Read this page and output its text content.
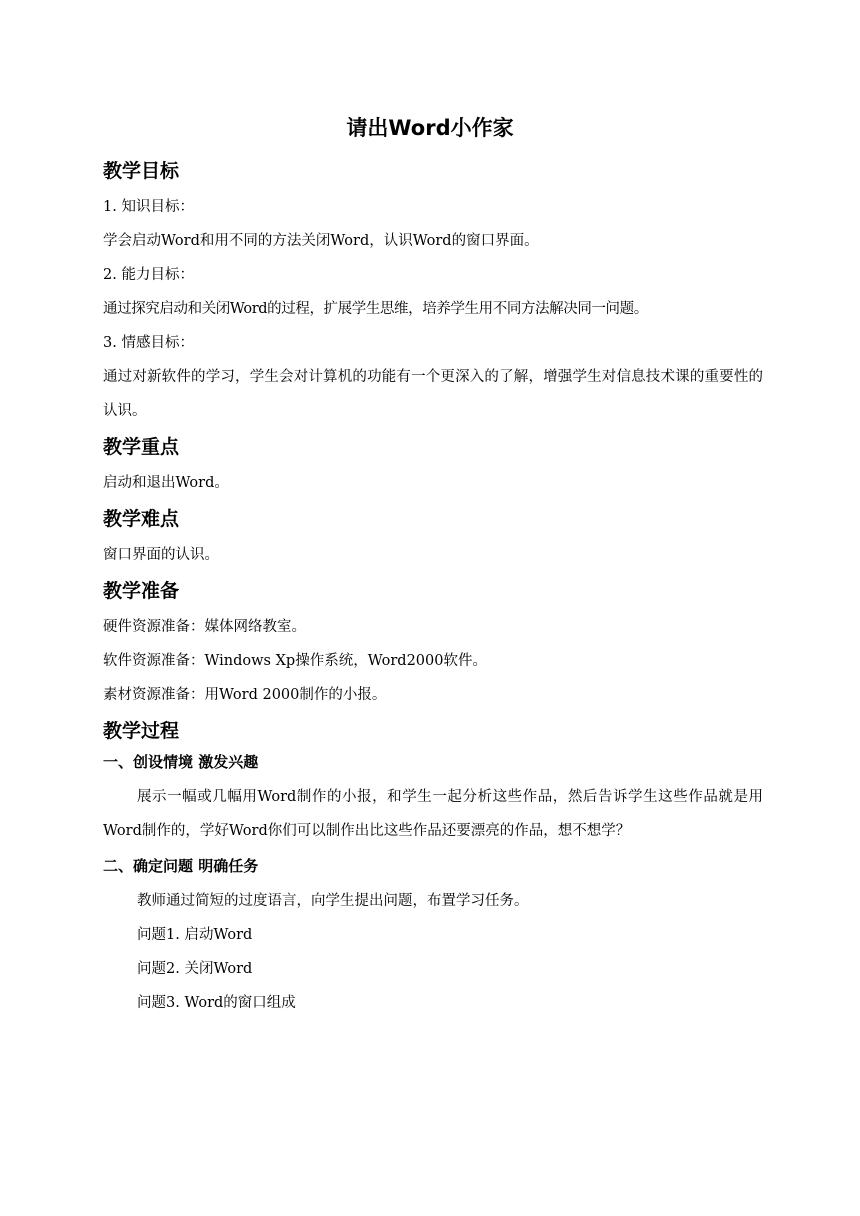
请出Word小作家
教学目标

1. 知识目标：

学会启动Word和用不同的方法关闭Word，认识Word的窗口界面。

2. 能力目标：

通过探究启动和关闭Word的过程，扩展学生思维，培养学生用不同方法解决同一问题。

3. 情感目标：

通过对新软件的学习，学生会对计算机的功能有一个更深入的了解，增强学生对信息技术课的重要性的认识。

教学重点

启动和退出Word。

教学难点

窗口界面的认识。

教学准备

硬件资源准备：媒体网络教室。

软件资源准备：Windows Xp操作系统，Word2000软件。

素材资源准备：用Word 2000制作的小报。

教学过程
一、创设情境 激发兴趣

展示一幅或几幅用Word制作的小报，和学生一起分析这些作品，然后告诉学生这些作品就是用Word制作的，学好Word你们可以制作出比这些作品还要漂亮的作品，想不想学？

二、确定问题 明确任务

教师通过简短的过度语言，向学生提出问题，布置学习任务。

问题1. 启动Word

问题2. 关闭Word

问题3. Word的窗口组成
